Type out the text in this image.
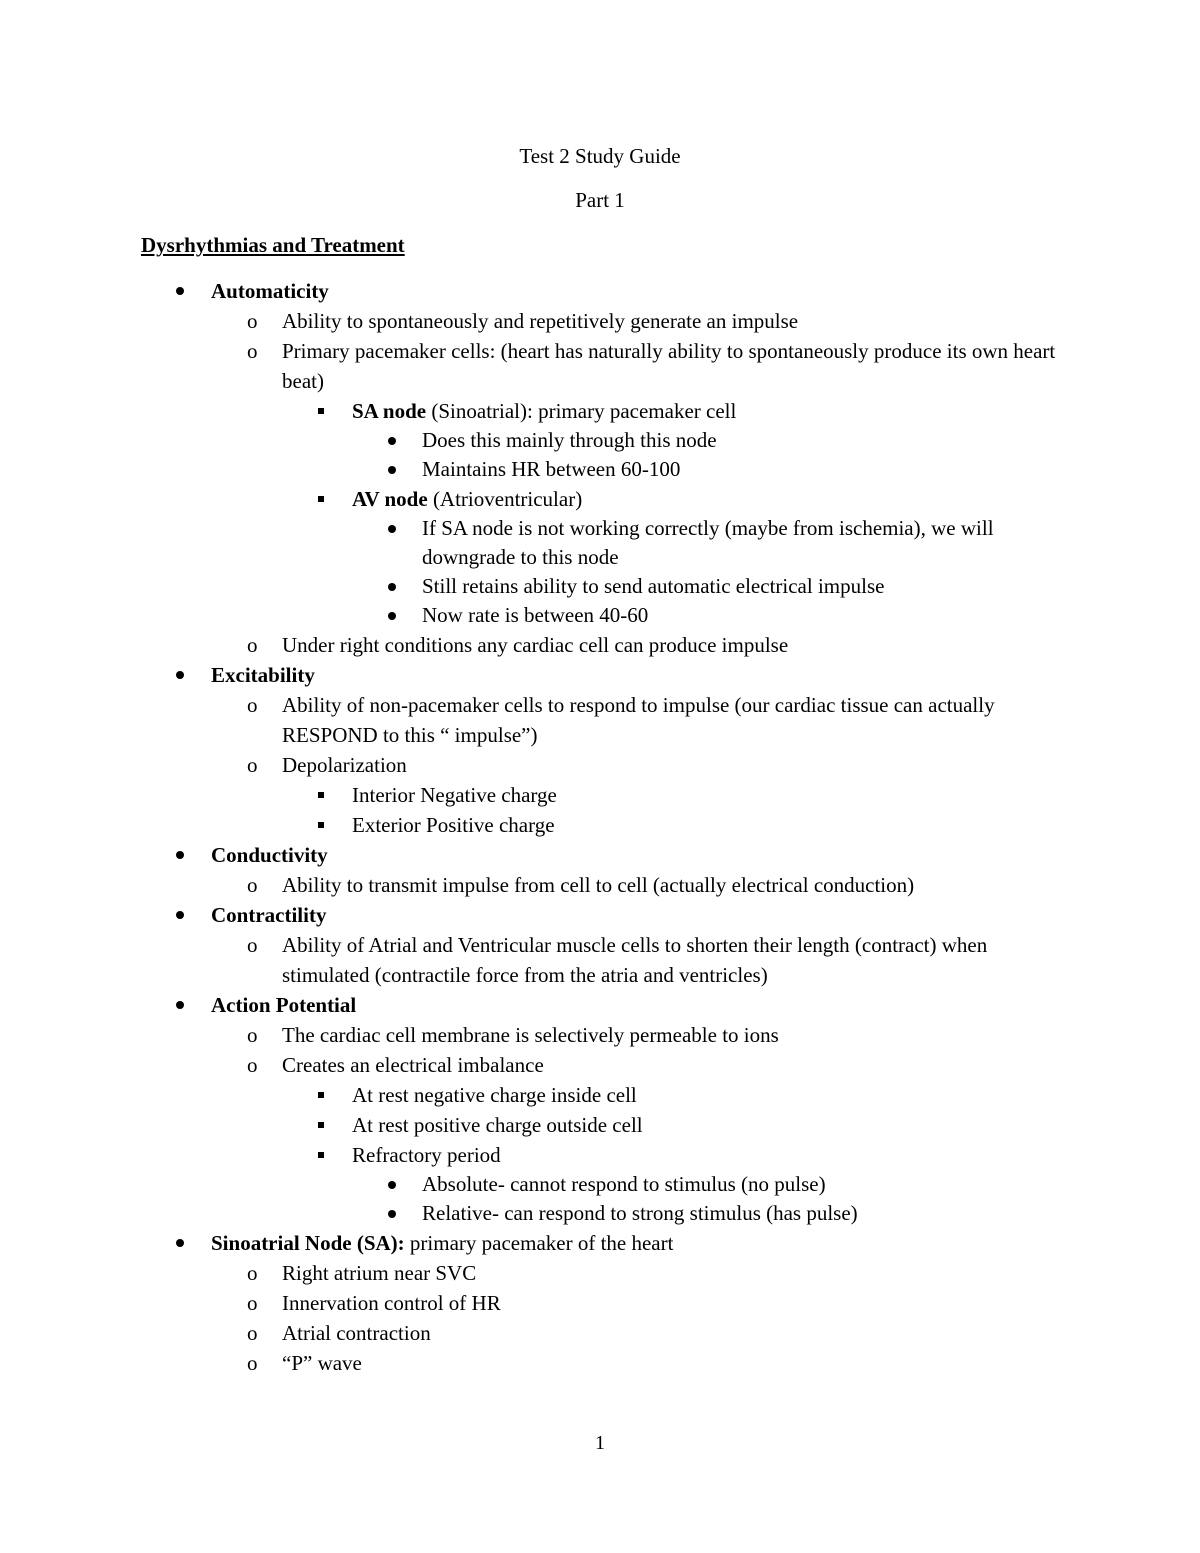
Test 2 Study Guide
Part 1
Dysrhythmias and Treatment
Automaticity
o Ability to spontaneously and repetitively generate an impulse
o Primary pacemaker cells: (heart has naturally ability to spontaneously produce its own heart beat)
SA node (Sinoatrial): primary pacemaker cell
Does this mainly through this node
Maintains HR between 60-100
AV node (Atrioventricular)
If SA node is not working correctly (maybe from ischemia), we will downgrade to this node
Still retains ability to send automatic electrical impulse
Now rate is between 40-60
o Under right conditions any cardiac cell can produce impulse
Excitability
o Ability of non-pacemaker cells to respond to impulse (our cardiac tissue can actually RESPOND to this “ impulse”)
o Depolarization
Interior Negative charge
Exterior Positive charge
Conductivity
o Ability to transmit impulse from cell to cell (actually electrical conduction)
Contractility
o Ability of Atrial and Ventricular muscle cells to shorten their length (contract) when stimulated (contractile force from the atria and ventricles)
Action Potential
o The cardiac cell membrane is selectively permeable to ions
o Creates an electrical imbalance
At rest negative charge inside cell
At rest positive charge outside cell
Refractory period
Absolute- cannot respond to stimulus (no pulse)
Relative- can respond to strong stimulus (has pulse)
Sinoatrial Node (SA): primary pacemaker of the heart
o Right atrium near SVC
o Innervation control of HR
o Atrial contraction
o “P” wave
1
